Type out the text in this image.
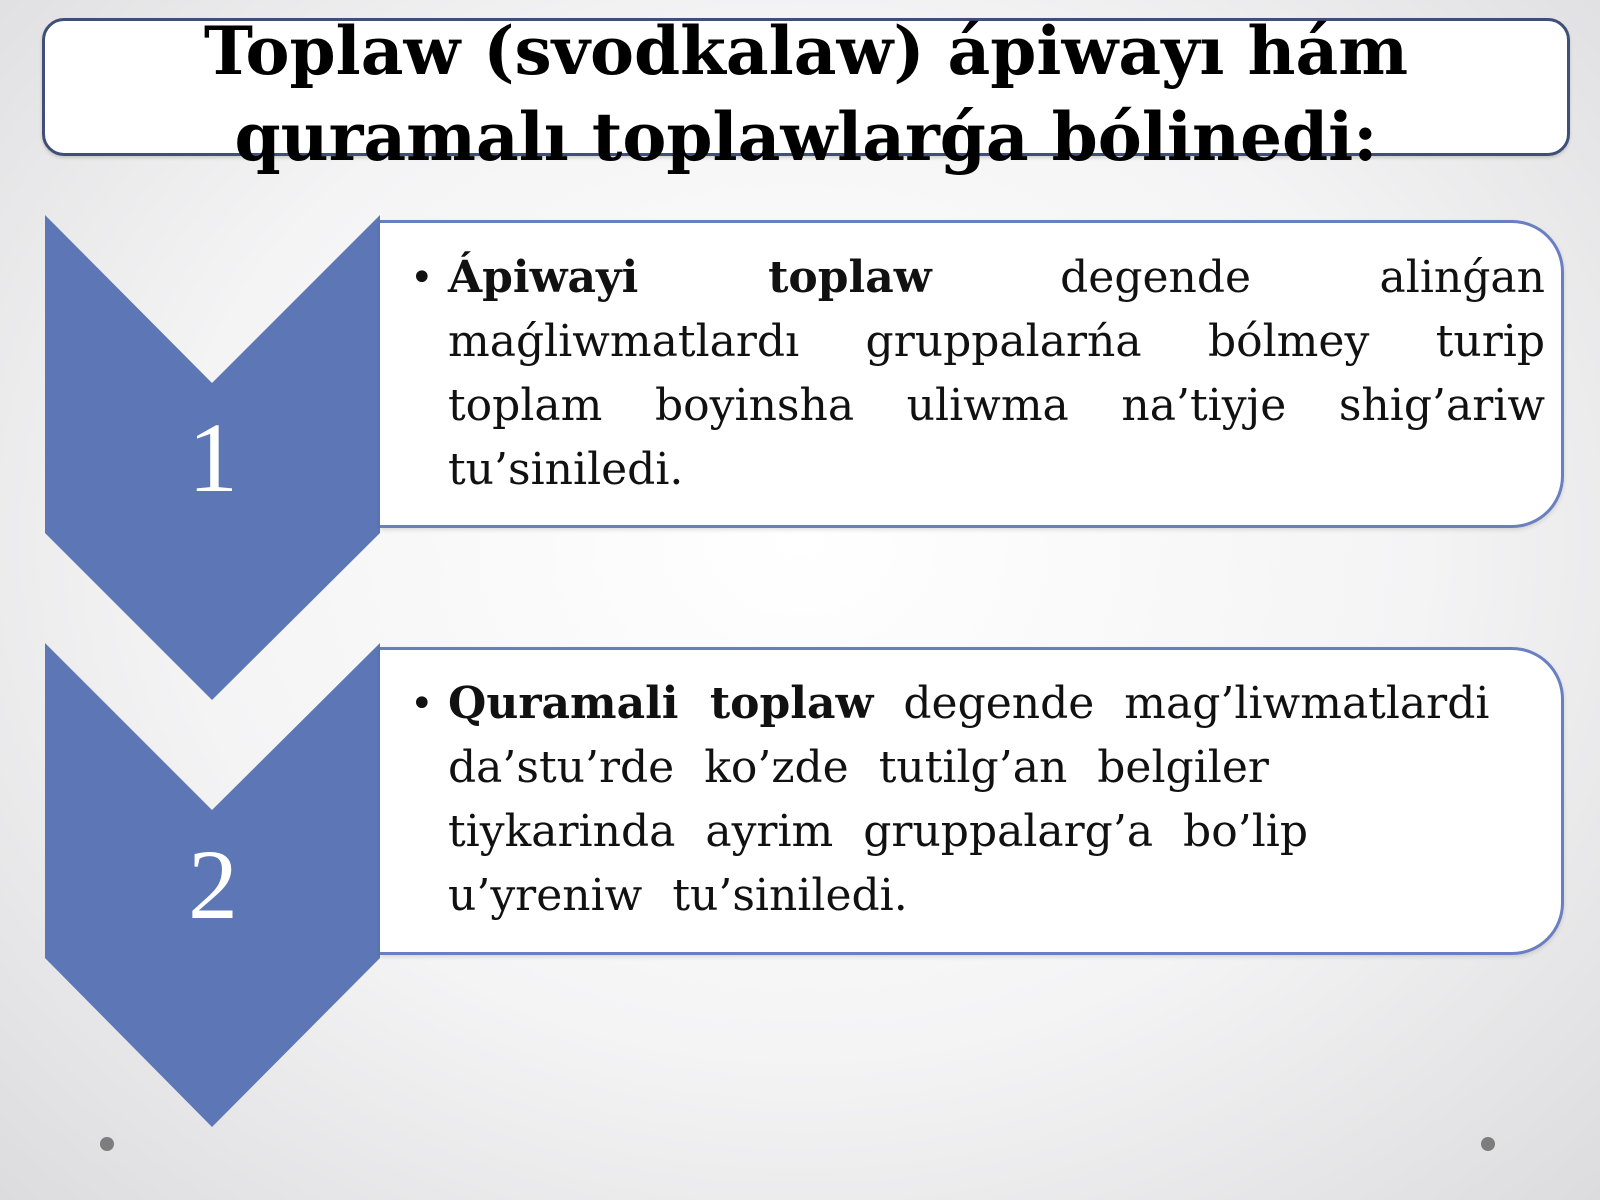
Toplaw (svodkalaw) ápiwayı hám
quramalı toplawlarǵa bólinedi:
1
2
• Ápiwayi toplaw degende alinǵan maǵliwmatlardı gruppalarńa bólmey turip toplam boyinsha uliwma na’tiyje shig’ariw tu’siniledi.
• Quramali toplaw degende mag’liwmatlardi da’stu’rde ko’zde tutilg’an belgiler tiykarinda ayrim gruppalarg’a bo’lip u’yreniw tu’siniledi.
